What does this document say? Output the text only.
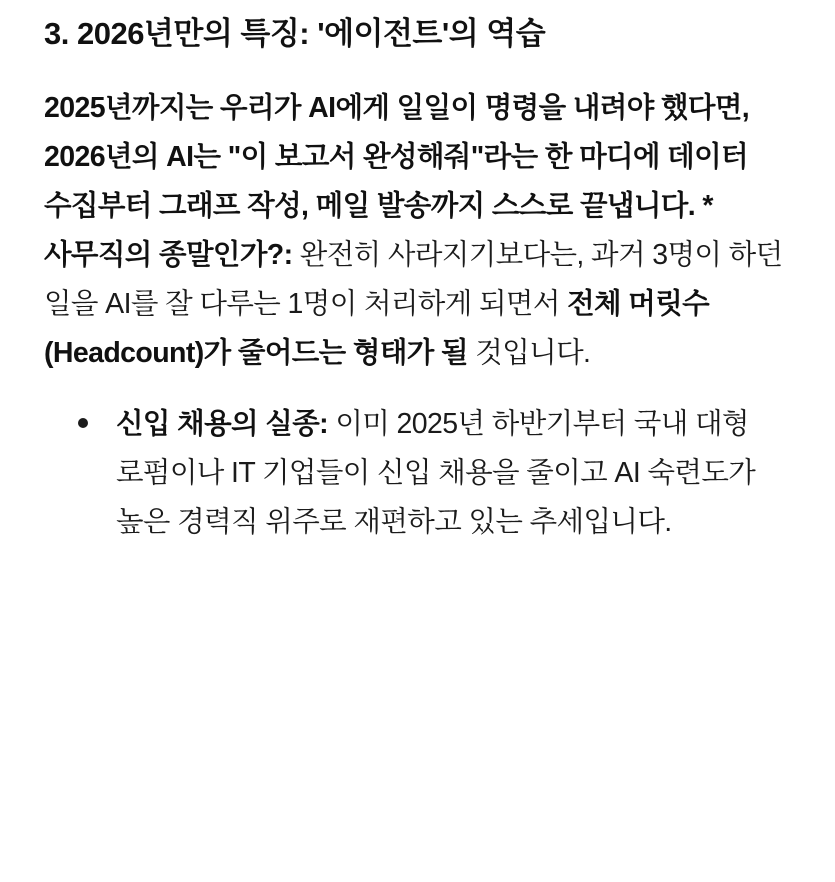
3. 2026년만의 특징: '에이전트'의 역습

2025년까지는 우리가 AI에게 일일이 명령을 내려야 했다면, 2026년의 AI는 "이 보고서 완성해줘"라는 한 마디에 데이터 수집부터 그래프 작성, 메일 발송까지 스스로 끝냅니다. * 사무직의 종말인가?: 완전히 사라지기보다는, 과거 3명이 하던 일을 AI를 잘 다루는 1명이 처리하게 되면서 전체 머릿수(Headcount)가 줄어드는 형태가 될 것입니다.

신입 채용의 실종: 이미 2025년 하반기부터 국내 대형 로펌이나 IT 기업들이 신입 채용을 줄이고 AI 숙련도가 높은 경력직 위주로 재편하고 있는 추세입니다.
